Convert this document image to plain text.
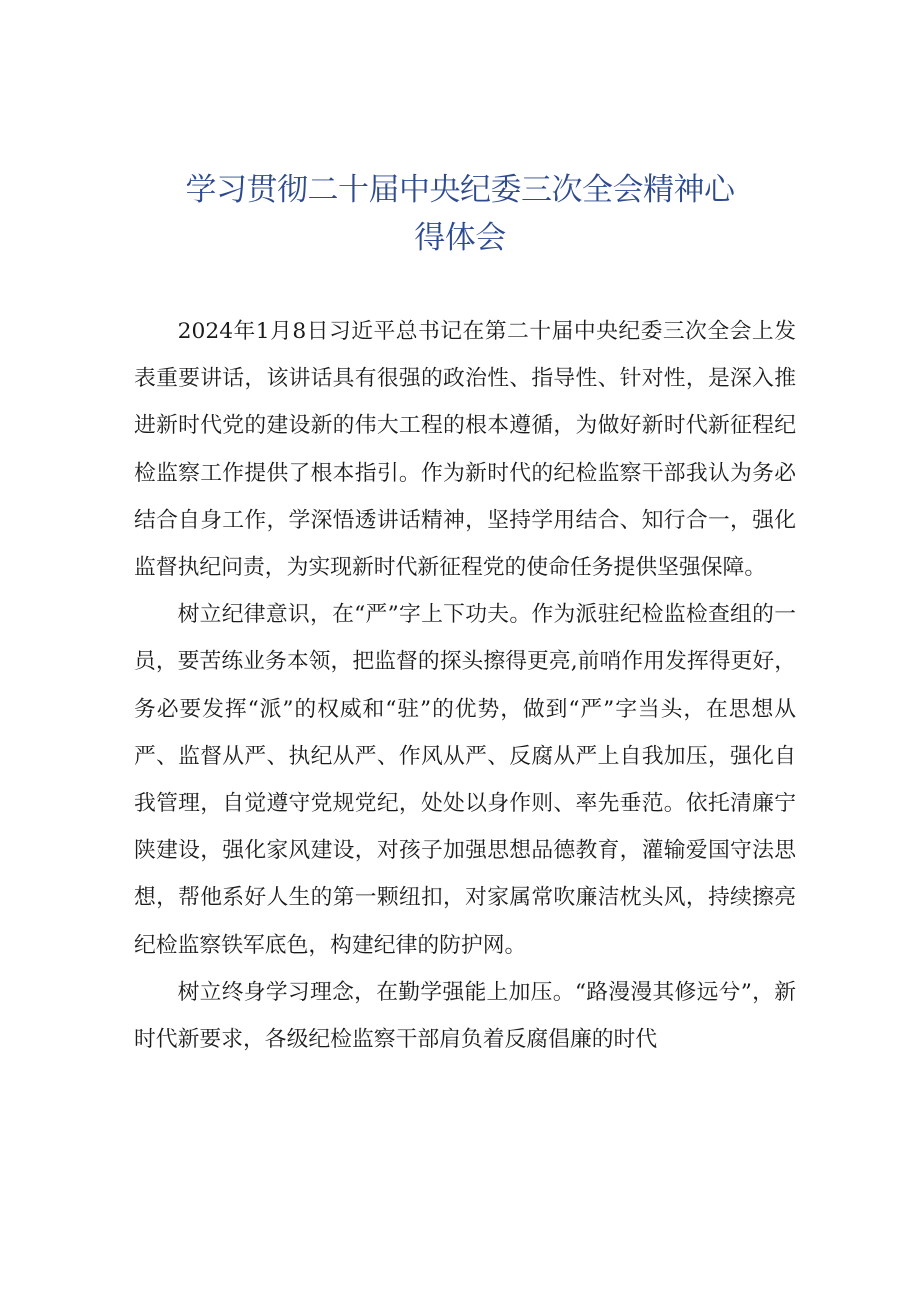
学习贯彻二十届中央纪委三次全会精神心
得体会

2024年1月8日习近平总书记在第二十届中央纪委三次全会上发表重要讲话，该讲话具有很强的政治性、指导性、针对性，是深入推进新时代党的建设新的伟大工程的根本遵循，为做好新时代新征程纪检监察工作提供了根本指引。作为新时代的纪检监察干部我认为务必结合自身工作，学深悟透讲话精神，坚持学用结合、知行合一，强化监督执纪问责，为实现新时代新征程党的使命任务提供坚强保障。

树立纪律意识，在“严”字上下功夫。作为派驻纪检监检查组的一员，要苦练业务本领，把监督的探头擦得更亮,前哨作用发挥得更好，务必要发挥“派”的权威和“驻”的优势，做到“严”字当头，在思想从严、监督从严、执纪从严、作风从严、反腐从严上自我加压，强化自我管理，自觉遵守党规党纪，处处以身作则、率先垂范。依托清廉宁陕建设，强化家风建设，对孩子加强思想品德教育，灌输爱国守法思想，帮他系好人生的第一颗纽扣，对家属常吹廉洁枕头风，持续擦亮纪检监察铁军底色，构建纪律的防护网。

树立终身学习理念，在勤学强能上加压。“路漫漫其修远兮”，新时代新要求，各级纪检监察干部肩负着反腐倡廉的时代
